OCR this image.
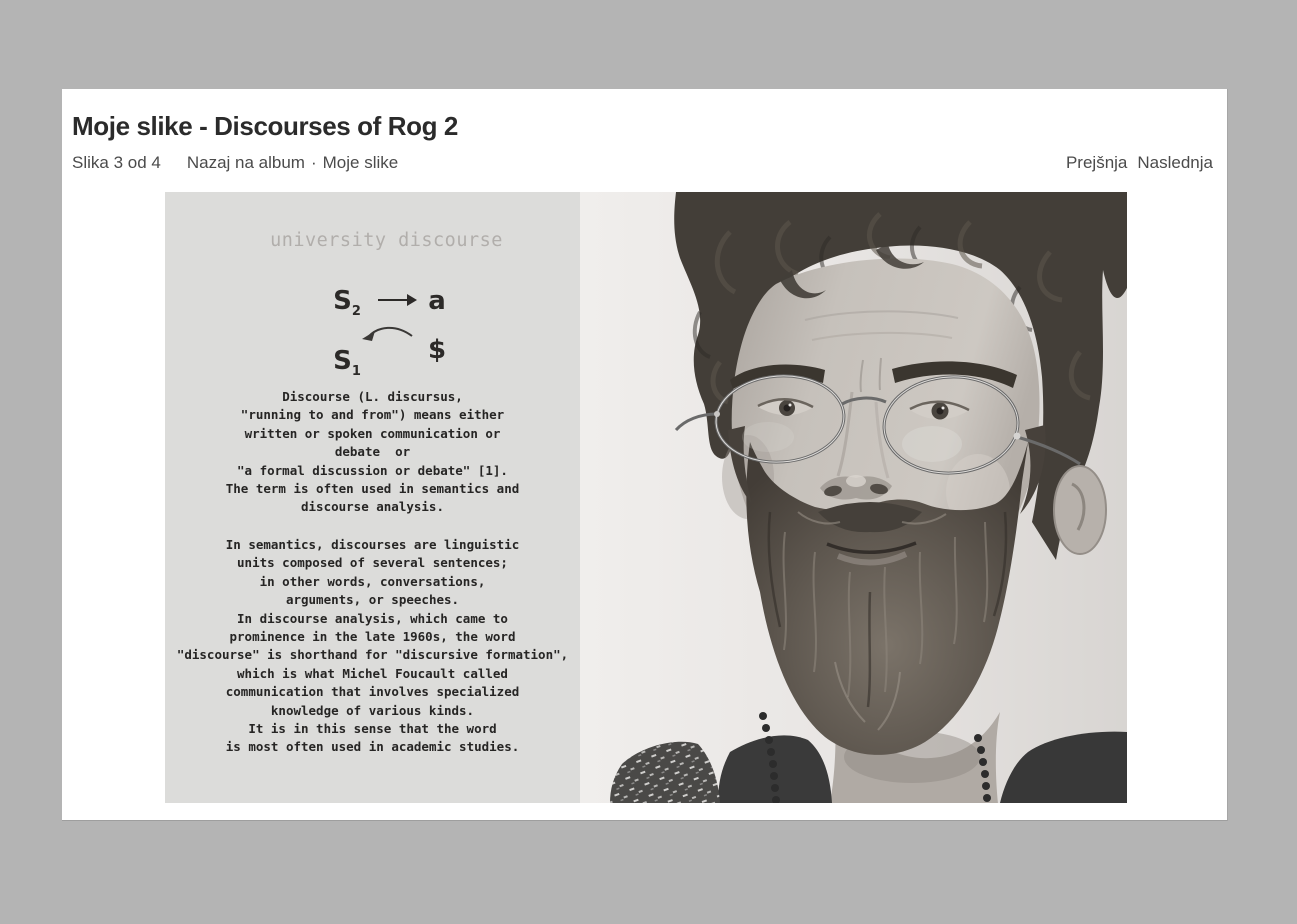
Moje slike - Discourses of Rog 2
Slika 3 od 4 Nazaj na album · Moje slike	Prejšnja Naslednja
university discourse
$S_2$
$S_1$
a
$
Discourse (L. discursus,
"running to and from") means either
written or spoken communication or
debate  or
"a formal discussion or debate" [1].
The term is often used in semantics and
discourse analysis.
In semantics, discourses are linguistic
units composed of several sentences;
in other words, conversations,
arguments, or speeches.
In discourse analysis, which came to
prominence in the late 1960s, the word
"discourse" is shorthand for "discursive formation",
which is what Michel Foucault called
communication that involves specialized
knowledge of various kinds.
It is in this sense that the word
is most often used in academic studies.
